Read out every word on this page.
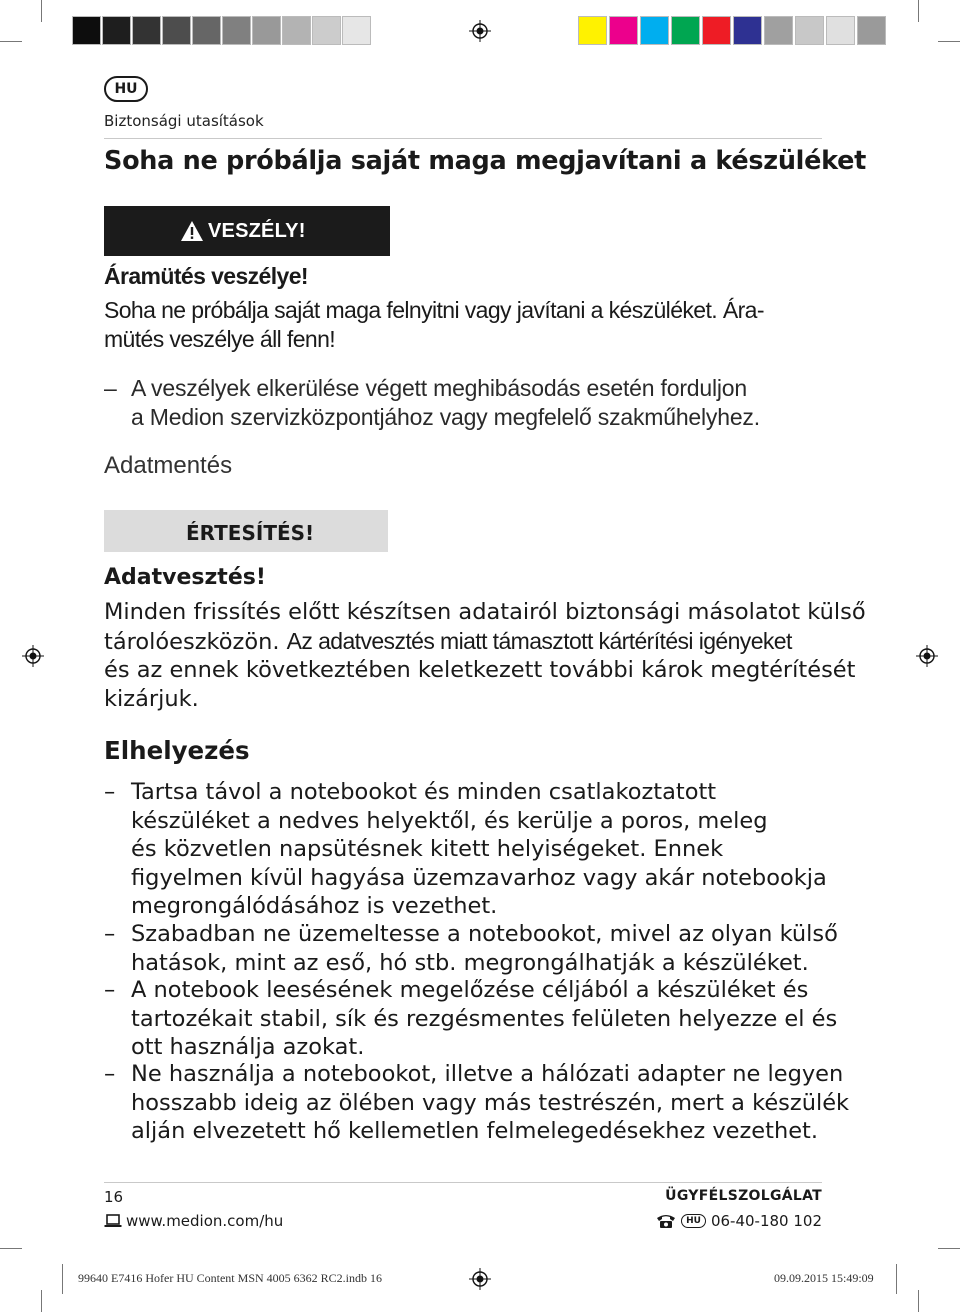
HU
Biztonsági utasítások
Soha ne próbálja saját maga megjavítani a készüléket
VESZÉLY!
Áramütés veszélye!
Soha ne próbálja saját maga felnyitni vagy javítani a készüléket. Ára-
mütés veszélye áll fenn!
– A veszélyek elkerülése végett meghibásodás esetén forduljon
a Medion szervizközpontjához vagy megfelelő szakműhelyhez.
Adatmentés
ÉRTESÍTÉS!
Adatvesztés!
Minden frissítés előtt készítsen adatairól biztonsági másolatot külső
tárolóeszközön. Az adatvesztés miatt támasztott kártérítési igényeket
és az ennek következtében keletkezett további károk megtérítését
kizárjuk.
Elhelyezés
– Tartsa távol a notebookot és minden csatlakoztatott
készüléket a nedves helyektől, és kerülje a poros, meleg
és közvetlen napsütésnek kitett helyiségeket. Ennek
figyelmen kívül hagyása üzemzavarhoz vagy akár notebookja
megrongálódásához is vezethet.
– Szabadban ne üzemeltesse a notebookot, mivel az olyan külső
hatások, mint az eső, hó stb. megrongálhatják a készüléket.
– A notebook leesésének megelőzése céljából a készüléket és
tartozékait stabil, sík és rezgésmentes felületen helyezze el és
ott használja azokat.
– Ne használja a notebookot, illetve a hálózati adapter ne legyen
hosszabb ideig az ölében vagy más testrészén, mert a készülék
alján elvezetett hő kellemetlen felmelegedésekhez vezethet.
16	ÜGYFÉLSZOLGÁLAT
www.medion.com/hu	HU 06-40-180 102
99640 E7416 Hofer HU Content MSN 4005 6362 RC2.indb 16	09.09.2015 15:49:09
